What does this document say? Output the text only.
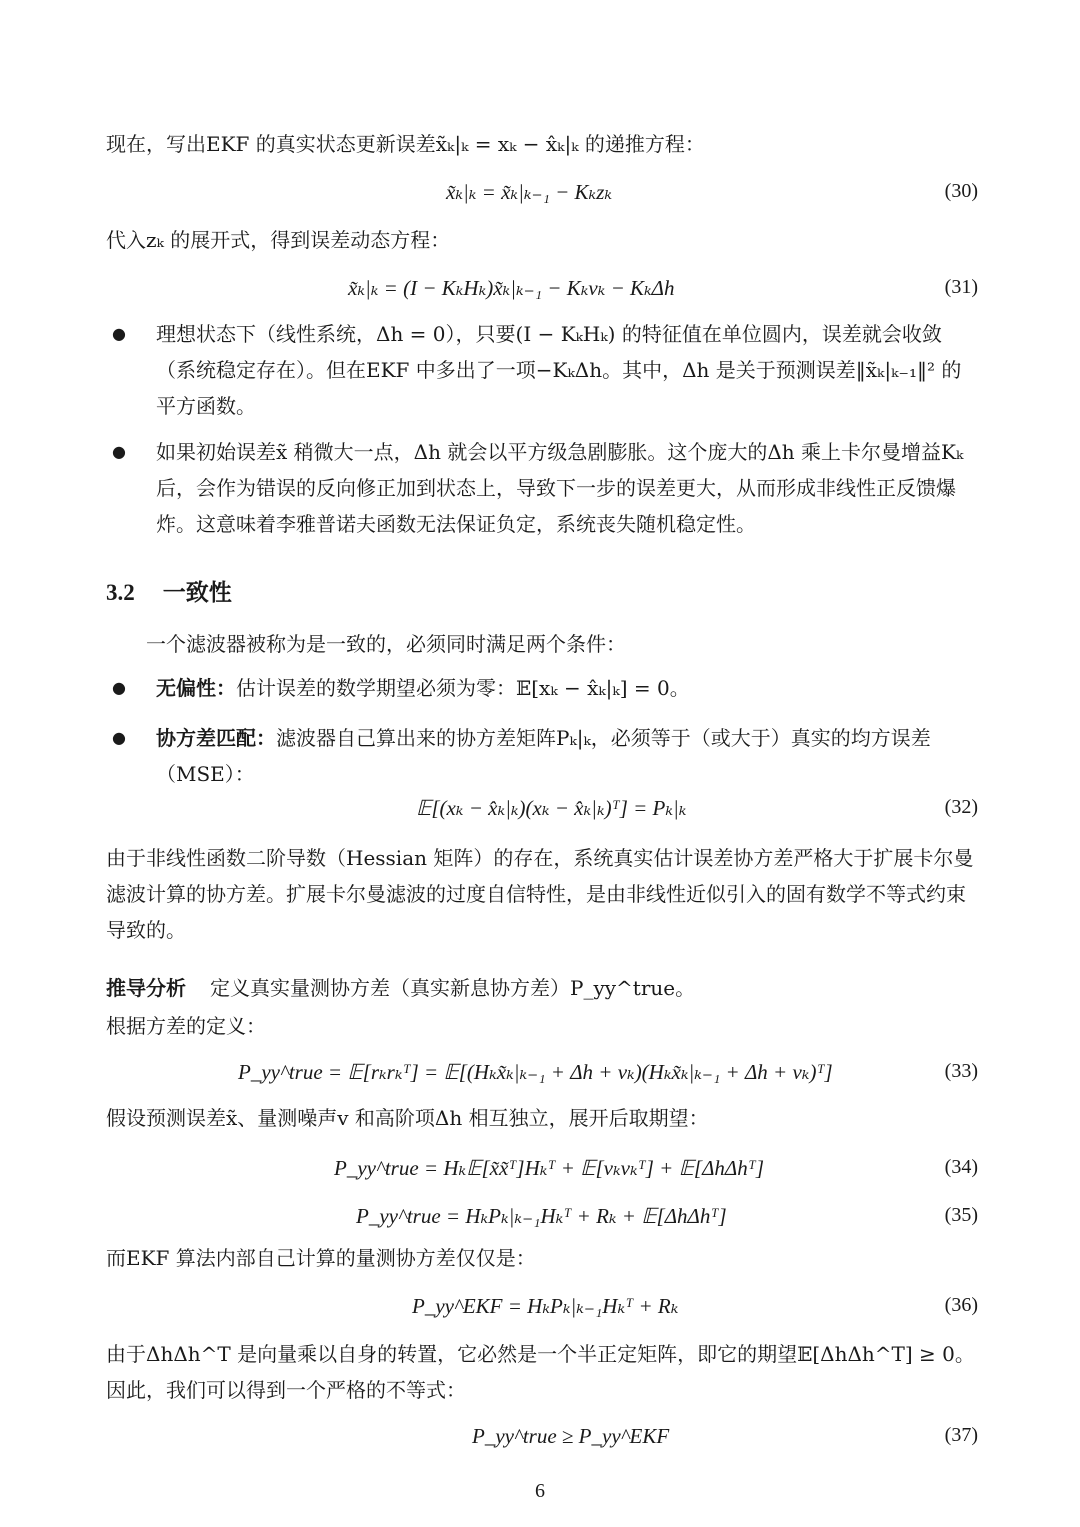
现在，写出EKF 的真实状态更新误差x̃ₖ|ₖ = xₖ − x̂ₖ|ₖ 的递推方程：
x̃ₖ|ₖ = x̃ₖ|ₖ₋₁ − Kₖzₖ	(30)
代入zₖ 的展开式，得到误差动态方程：
x̃ₖ|ₖ = (I − KₖHₖ)x̃ₖ|ₖ₋₁ − Kₖvₖ − KₖΔh	(31)
● 理想状态下（线性系统，Δh = 0），只要(I − KₖHₖ) 的特征值在单位圆内，误差就会收敛（系统稳定存在）。但在EKF 中多出了一项−KₖΔh。其中，Δh 是关于预测误差‖x̃ₖ|ₖ₋₁‖² 的平方函数。
● 如果初始误差x̃ 稍微大一点，Δh 就会以平方级急剧膨胀。这个庞大的Δh 乘上卡尔曼增益Kₖ 后，会作为错误的反向修正加到状态上，导致下一步的误差更大，从而形成非线性正反馈爆炸。这意味着李雅普诺夫函数无法保证负定，系统丧失随机稳定性。
3.2 一致性
一个滤波器被称为是一致的，必须同时满足两个条件：
● 无偏性：估计误差的数学期望必须为零：𝔼[xₖ − x̂ₖ|ₖ] = 0。
● 协方差匹配：滤波器自己算出来的协方差矩阵Pₖ|ₖ，必须等于（或大于）真实的均方误差（MSE）：
𝔼[(xₖ − x̂ₖ|ₖ)(xₖ − x̂ₖ|ₖ)ᵀ] = Pₖ|ₖ	(32)
由于非线性函数二阶导数（Hessian 矩阵）的存在，系统真实估计误差协方差严格大于扩展卡尔曼滤波计算的协方差。扩展卡尔曼滤波的过度自信特性，是由非线性近似引入的固有数学不等式约束导致的。
推导分析 定义真实量测协方差（真实新息协方差）P_yy^true。
根据方差的定义：
P_yy^true = 𝔼[rₖrₖᵀ] = 𝔼[(Hₖx̃ₖ|ₖ₋₁ + Δh + vₖ)(Hₖx̃ₖ|ₖ₋₁ + Δh + vₖ)ᵀ]	(33)
假设预测误差x̃、量测噪声v 和高阶项Δh 相互独立，展开后取期望：
P_yy^true = Hₖ𝔼[x̃x̃ᵀ]Hₖᵀ + 𝔼[vₖvₖᵀ] + 𝔼[ΔhΔhᵀ]	(34)
P_yy^true = HₖPₖ|ₖ₋₁Hₖᵀ + Rₖ + 𝔼[ΔhΔhᵀ]	(35)
而EKF 算法内部自己计算的量测协方差仅仅是：
P_yy^EKF = HₖPₖ|ₖ₋₁Hₖᵀ + Rₖ	(36)
由于ΔhΔh^T 是向量乘以自身的转置，它必然是一个半正定矩阵，即它的期望𝔼[ΔhΔh^T] ≥ 0。
因此，我们可以得到一个严格的不等式：
P_yy^true ≥ P_yy^EKF	(37)
6
